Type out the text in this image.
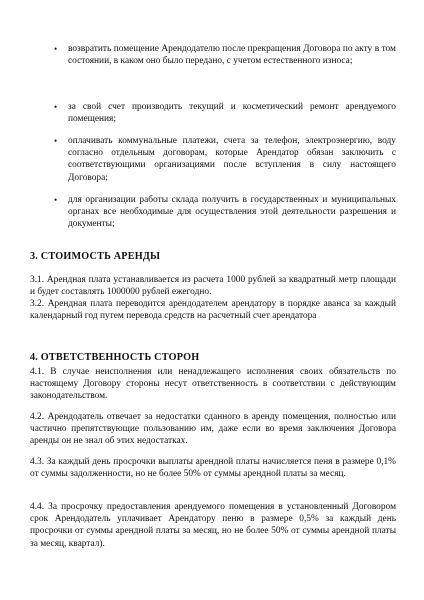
• возвратить помещение Арендодателю после прекращения Договора по акту в том состоянии, в каком оно было передано, с учетом естественного износа;
• за свой счет производить текущий и косметический ремонт арендуемого помещения;
• оплачивать коммунальные платежи, счета за телефон, электроэнергию, воду согласно отдельным договорам, которые Арендатор обязан заключить с соответствующими организациями после вступления в силу настоящего Договора;
• для организации работы склада получить в государственных и муниципальных органах все необходимые для осуществления этой деятельности разрешения и документы;
3. СТОИМОСТЬ АРЕНДЫ
3.1. Арендная плата устанавливается из расчета 1000 рублей за квадратный метр площади и будет составлять 1000000 рублей ежегодно.
3.2. Арендная плата переводится арендодателем арендатору в порядке аванса за каждый календарный год путем перевода средств на расчетный счет арендатора
4. ОТВЕТСТВЕННОСТЬ СТОРОН
4.1. В случае неисполнения или ненадлежащего исполнения своих обязательств по настоящему Договору стороны несут ответственность в соответствии с действующим законодательством.
4.2. Арендодатель отвечает за недостатки сданного в аренду помещения, полностью или частично препятствующие пользованию им, даже если во время заключения Договора аренды он не знал об этих недостатках.
4.3. За каждый день просрочки выплаты арендной платы начисляется пеня в размере 0,1% от суммы задолженности, но не более 50% от суммы арендной платы за месяц.
4.4. За просрочку предоставления арендуемого помещения в установленный Договором срок Арендодатель уплачивает Арендатору пеню в размере 0,5% за каждый день просрочки от суммы арендной платы за месяц, но не более 50% от суммы арендной платы за месяц, квартал).
